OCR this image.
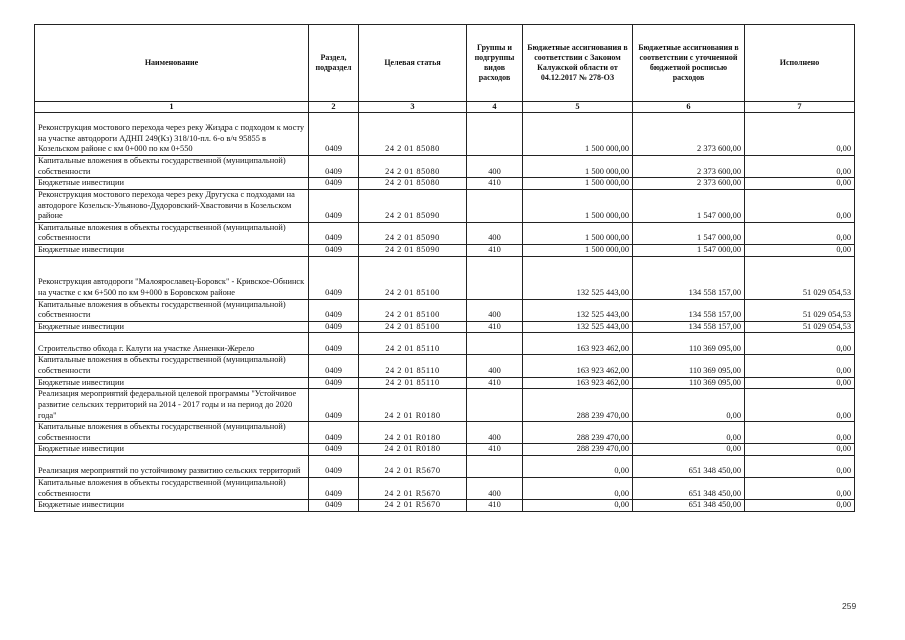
Наименование	Раздел, подраздел	Целевая статья	Группы и подгруппы видов расходов	Бюджетные ассигнования в соответствии с Законом Калужской области от 04.12.2017 № 278-ОЗ	Бюджетные ассигнования в соответствии с уточненной бюджетной росписью расходов	Исполнено
1	2	3	4	5	6	7
Реконструкция мостового перехода через реку Жиздра с подходом к мосту на участке автодороги АДНП 249(Кз) 318/10-пл. 6-о в/ч 95855 в Козельском районе с км 0+000 по км 0+550	0409	24 2 01 85080		1 500 000,00	2 373 600,00	0,00
Капитальные вложения в объекты государственной (муниципальной) собственности	0409	24 2 01 85080	400	1 500 000,00	2 373 600,00	0,00
Бюджетные инвестиции	0409	24 2 01 85080	410	1 500 000,00	2 373 600,00	0,00
Реконструкция мостового перехода через реку Другуска с подходами на автодороге Козельск-Ульяново-Дудоровский-Хвастовичи в Козельском районе	0409	24 2 01 85090		1 500 000,00	1 547 000,00	0,00
Капитальные вложения в объекты государственной (муниципальной) собственности	0409	24 2 01 85090	400	1 500 000,00	1 547 000,00	0,00
Бюджетные инвестиции	0409	24 2 01 85090	410	1 500 000,00	1 547 000,00	0,00
Реконструкция автодороги "Малоярославец-Боровск" - Кривское-Обнинск на участке с км 6+500 по км 9+000 в Боровском районе	0409	24 2 01 85100		132 525 443,00	134 558 157,00	51 029 054,53
Капитальные вложения в объекты государственной (муниципальной) собственности	0409	24 2 01 85100	400	132 525 443,00	134 558 157,00	51 029 054,53
Бюджетные инвестиции	0409	24 2 01 85100	410	132 525 443,00	134 558 157,00	51 029 054,53
Строительство обхода г. Калуги на участке Анненки-Жерело	0409	24 2 01 85110		163 923 462,00	110 369 095,00	0,00
Капитальные вложения в объекты государственной (муниципальной) собственности	0409	24 2 01 85110	400	163 923 462,00	110 369 095,00	0,00
Бюджетные инвестиции	0409	24 2 01 85110	410	163 923 462,00	110 369 095,00	0,00
Реализация мероприятий федеральной целевой программы "Устойчивое развитие сельских территорий на 2014 - 2017 годы и на период до 2020 года"	0409	24 2 01 R0180		288 239 470,00	0,00	0,00
Капитальные вложения в объекты государственной (муниципальной) собственности	0409	24 2 01 R0180	400	288 239 470,00	0,00	0,00
Бюджетные инвестиции	0409	24 2 01 R0180	410	288 239 470,00	0,00	0,00
Реализация мероприятий по устойчивому развитию сельских территорий	0409	24 2 01 R5670		0,00	651 348 450,00	0,00
Капитальные вложения в объекты государственной (муниципальной) собственности	0409	24 2 01 R5670	400	0,00	651 348 450,00	0,00
Бюджетные инвестиции	0409	24 2 01 R5670	410	0,00	651 348 450,00	0,00
259
